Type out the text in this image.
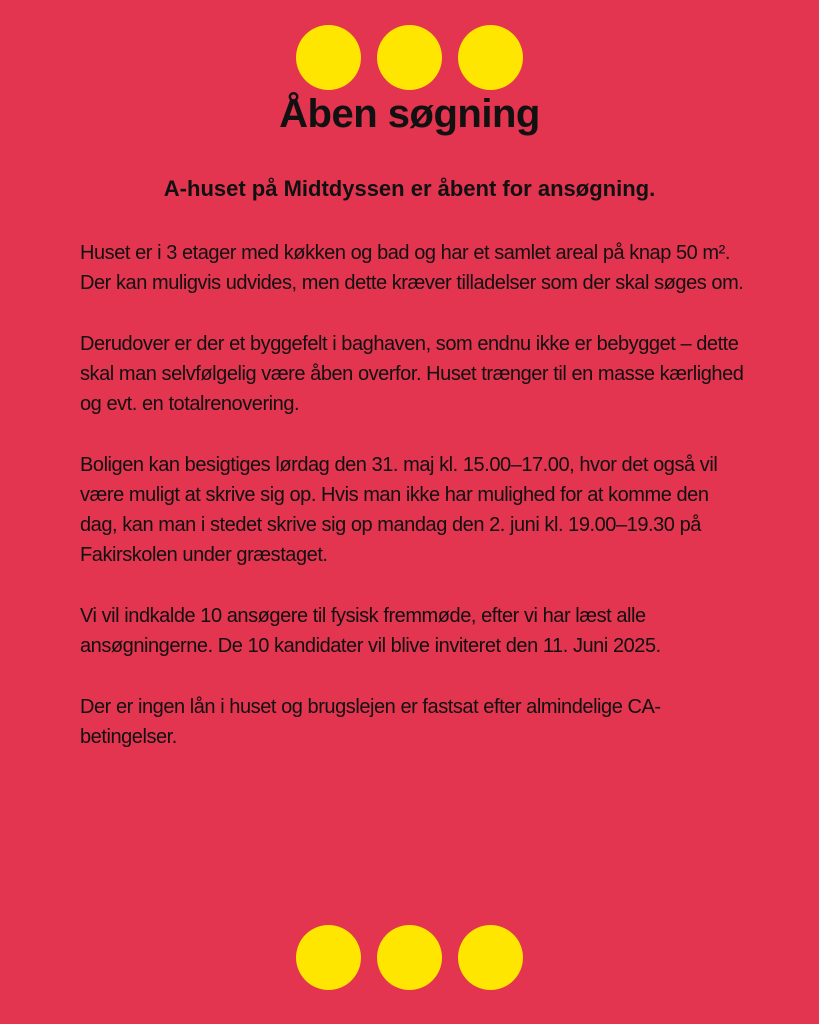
Åben søgning
A-huset på Midtdyssen er åbent for ansøgning.

Huset er i 3 etager med køkken og bad og har et samlet areal på knap 50 m². Der kan muligvis udvides, men dette kræver tilladelser som der skal søges om.

Derudover er der et byggefelt i baghaven, som endnu ikke er bebygget – dette skal man selvfølgelig være åben overfor. Huset trænger til en masse kærlighed og evt. en totalrenovering.

Boligen kan besigtiges lørdag den 31. maj kl. 15.00–17.00, hvor det også vil være muligt at skrive sig op. Hvis man ikke har mulighed for at komme den dag, kan man i stedet skrive sig op mandag den 2. juni kl. 19.00–19.30 på Fakirskolen under græstaget.

Vi vil indkalde 10 ansøgere til fysisk fremmøde, efter vi har læst alle ansøgningerne. De 10 kandidater vil blive inviteret den 11. Juni 2025.

Der er ingen lån i huset og brugslejen er fastsat efter almindelige CA-betingelser.
